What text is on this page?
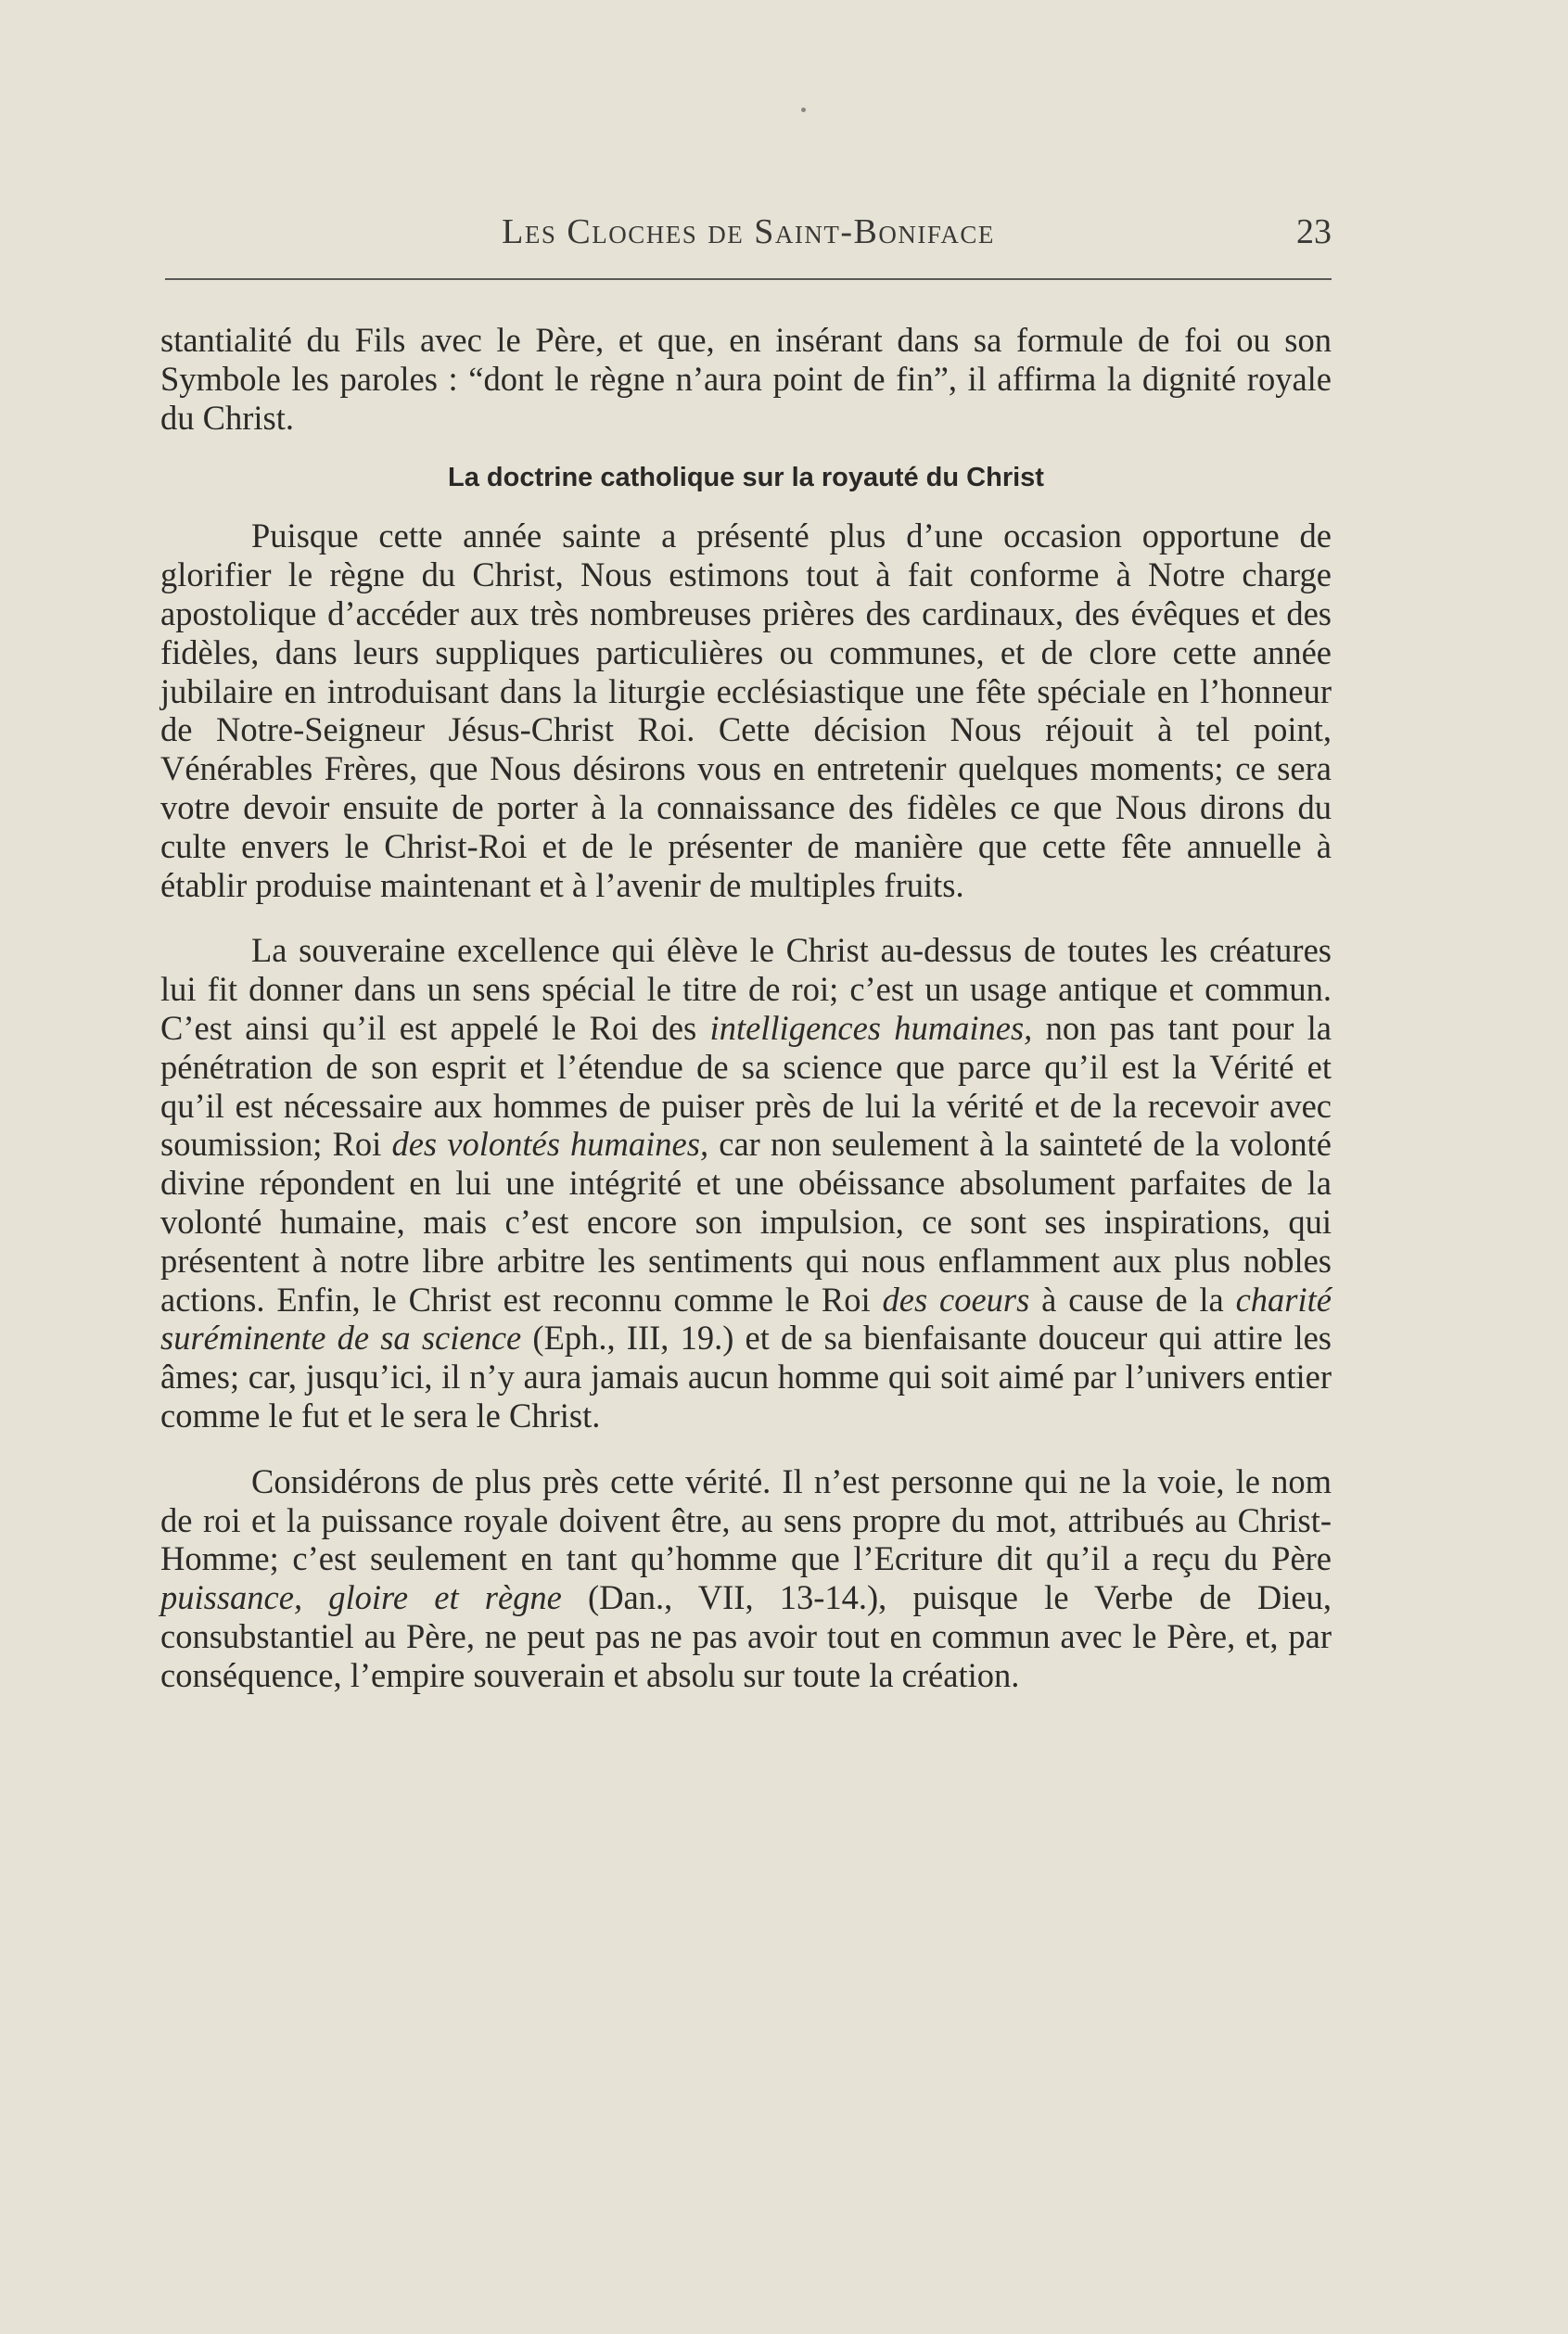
Les Cloches de Saint-Boniface	23

stantialité du Fils avec le Père, et que, en insérant dans sa formule de foi ou son Symbole les paroles : “dont le règne n’aura point de fin”, il affirma la dignité royale du Christ.

La doctrine catholique sur la royauté du Christ

Puisque cette année sainte a présenté plus d’une occasion opportune de glorifier le règne du Christ, Nous estimons tout à fait conforme à Notre charge apostolique d’accéder aux très nombreuses prières des cardinaux, des évêques et des fidèles, dans leurs suppliques particulières ou communes, et de clore cette année jubilaire en introduisant dans la liturgie ecclésiastique une fête spéciale en l’honneur de Notre-Seigneur Jésus-Christ Roi. Cette décision Nous réjouit à tel point, Vénérables Frères, que Nous désirons vous en entretenir quelques moments; ce sera votre devoir ensuite de porter à la connaissance des fidèles ce que Nous dirons du culte envers le Christ-Roi et de le présenter de manière que cette fête annuelle à établir produise maintenant et à l’avenir de multiples fruits.

La souveraine excellence qui élève le Christ au-dessus de toutes les créatures lui fit donner dans un sens spécial le titre de roi; c’est un usage antique et commun. C’est ainsi qu’il est appelé le Roi des intelligences humaines, non pas tant pour la pénétration de son esprit et l’étendue de sa science que parce qu’il est la Vérité et qu’il est nécessaire aux hommes de puiser près de lui la vérité et de la recevoir avec soumission; Roi des volontés humaines, car non seulement à la sainteté de la volonté divine répondent en lui une intégrité et une obéissance absolument parfaites de la volonté humaine, mais c’est encore son impulsion, ce sont ses inspirations, qui présentent à notre libre arbitre les sentiments qui nous enflamment aux plus nobles actions. Enfin, le Christ est reconnu comme le Roi des coeurs à cause de la charité suréminente de sa science (Eph., III, 19.) et de sa bienfaisante douceur qui attire les âmes; car, jusqu’ici, il n’y aura jamais aucun homme qui soit aimé par l’univers entier comme le fut et le sera le Christ.

Considérons de plus près cette vérité. Il n’est personne qui ne la voie, le nom de roi et la puissance royale doivent être, au sens propre du mot, attribués au Christ-Homme; c’est seulement en tant qu’homme que l’Ecriture dit qu’il a reçu du Père puissance, gloire et règne (Dan., VII, 13-14.), puisque le Verbe de Dieu, consubstantiel au Père, ne peut pas ne pas avoir tout en commun avec le Père, et, par conséquence, l’empire souverain et absolu sur toute la création.
